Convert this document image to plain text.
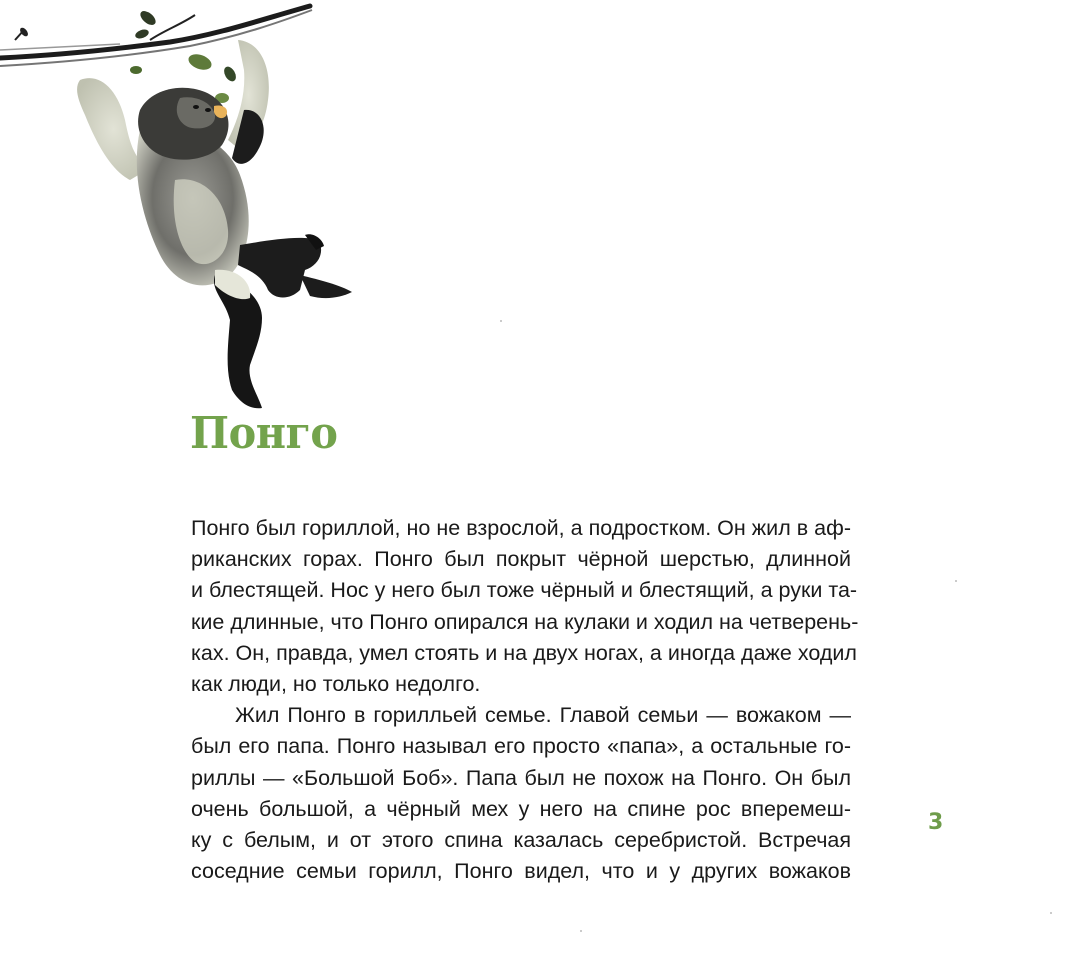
Понго
Понго был гориллой, но не взрослой, а подростком. Он жил в аф-
риканских горах. Понго был покрыт чёрной шерстью, длинной
и блестящей. Нос у него был тоже чёрный и блестящий, а руки та-
кие длинные, что Понго опирался на кулаки и ходил на четверень-
ках. Он, правда, умел стоять и на двух ногах, а иногда даже ходил
как люди, но только недолго.
Жил Понго в горилльей семье. Главой семьи — вожаком —
был его папа. Понго называл его просто «папа», а остальные го-
риллы — «Большой Боб». Папа был не похож на Понго. Он был
очень большой, а чёрный мех у него на спине рос вперемеш-
ку с белым, и от этого спина казалась серебристой. Встречая
соседние семьи горилл, Понго видел, что и у других вожаков
3
